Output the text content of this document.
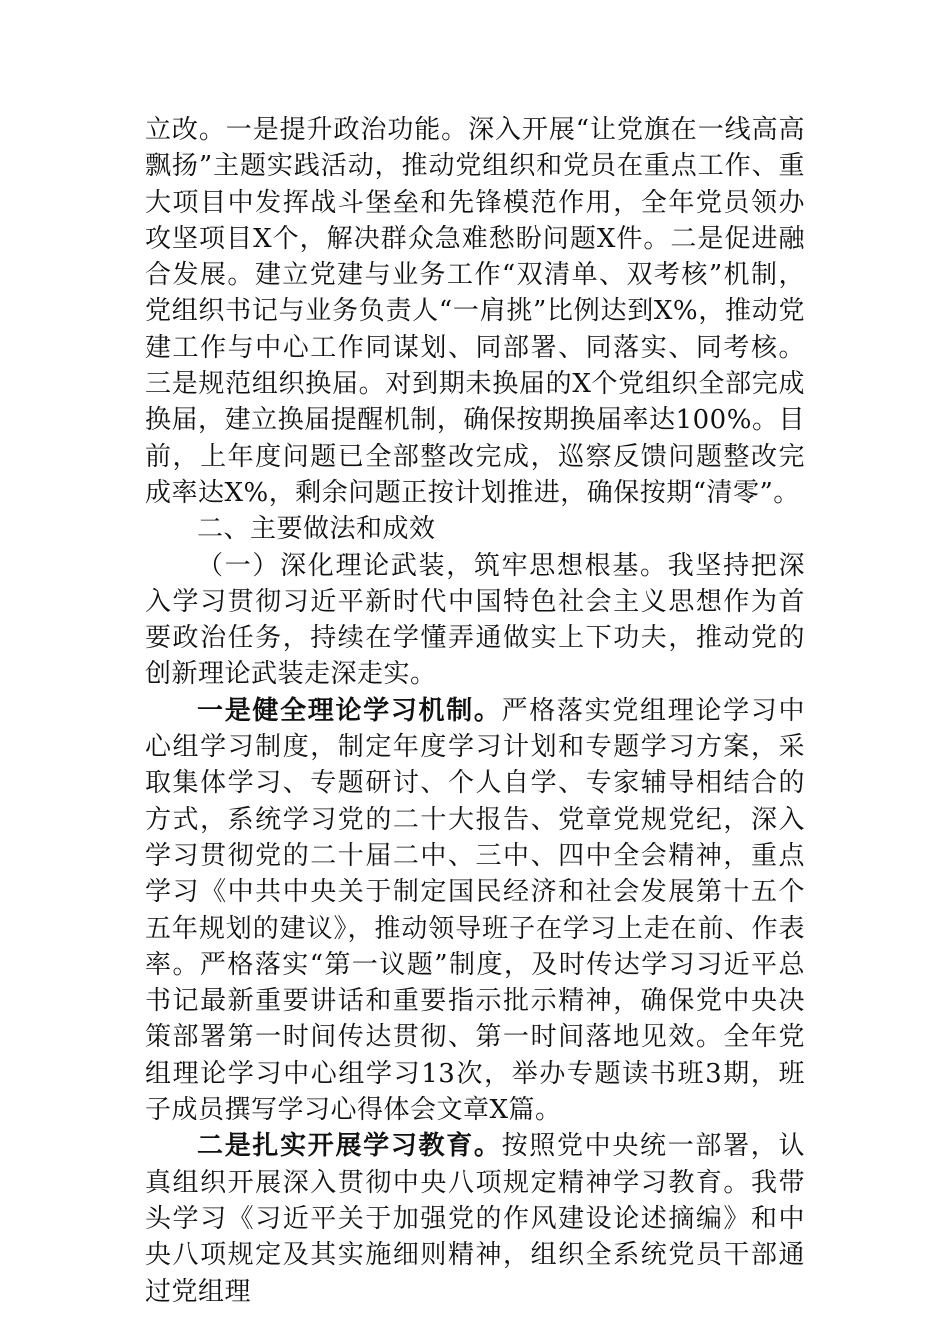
立改。一是提升政治功能。深入开展“让党旗在一线高高飘扬”主题实践活动，推动党组织和党员在重点工作、重大项目中发挥战斗堡垒和先锋模范作用，全年党员领办攻坚项目X个，解决群众急难愁盼问题X件。二是促进融合发展。建立党建与业务工作“双清单、双考核”机制，党组织书记与业务负责人“一肩挑”比例达到X%，推动党建工作与中心工作同谋划、同部署、同落实、同考核。三是规范组织换届。对到期未换届的X个党组织全部完成换届，建立换届提醒机制，确保按期换届率达100%。目前，上年度问题已全部整改完成，巡察反馈问题整改完成率达X%，剩余问题正按计划推进，确保按期“清零”。

二、主要做法和成效

（一）深化理论武装，筑牢思想根基。我坚持把深入学习贯彻习近平新时代中国特色社会主义思想作为首要政治任务，持续在学懂弄通做实上下功夫，推动党的创新理论武装走深走实。

一是健全理论学习机制。严格落实党组理论学习中心组学习制度，制定年度学习计划和专题学习方案，采取集体学习、专题研讨、个人自学、专家辅导相结合的方式，系统学习党的二十大报告、党章党规党纪，深入学习贯彻党的二十届二中、三中、四中全会精神，重点学习《中共中央关于制定国民经济和社会发展第十五个五年规划的建议》，推动领导班子在学习上走在前、作表率。严格落实“第一议题”制度，及时传达学习习近平总书记最新重要讲话和重要指示批示精神，确保党中央决策部署第一时间传达贯彻、第一时间落地见效。全年党组理论学习中心组学习13次，举办专题读书班3期，班子成员撰写学习心得体会文章X篇。

二是扎实开展学习教育。按照党中央统一部署，认真组织开展深入贯彻中央八项规定精神学习教育。我带头学习《习近平关于加强党的作风建设论述摘编》和中央八项规定及其实施细则精神，组织全系统党员干部通过党组理
